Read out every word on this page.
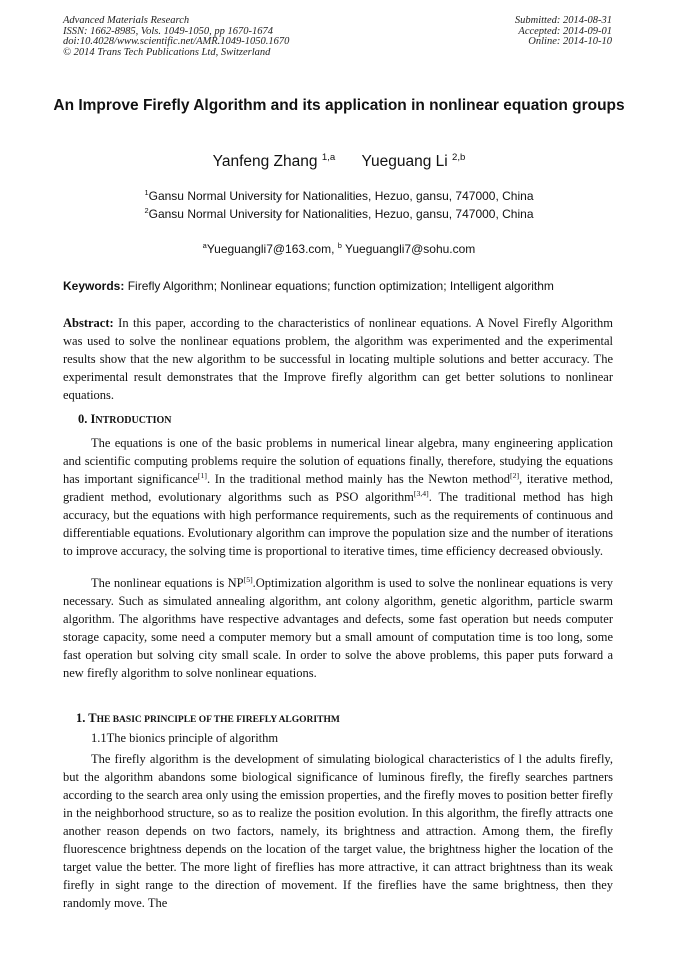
Advanced Materials Research
ISSN: 1662-8985, Vols. 1049-1050, pp 1670-1674
doi:10.4028/www.scientific.net/AMR.1049-1050.1670
© 2014 Trans Tech Publications Ltd, Switzerland
Submitted: 2014-08-31
Accepted: 2014-09-01
Online: 2014-10-10
An Improve Firefly Algorithm and its application in nonlinear equation groups
Yanfeng Zhang $^{1,a}$ Yueguang Li $^{2,b}$
$^1$Gansu Normal University for Nationalities, Hezuo, gansu, 747000, China
$^2$Gansu Normal University for Nationalities, Hezuo, gansu, 747000, China
$^a$Yueguangli7@163.com, $^b$ Yueguangli7@sohu.com
Keywords: Firefly Algorithm; Nonlinear equations; function optimization; Intelligent algorithm

Abstract: In this paper, according to the characteristics of nonlinear equations. A Novel Firefly Algorithm was used to solve the nonlinear equations problem, the algorithm was experimented and the experimental results show that the new algorithm to be successful in locating multiple solutions and better accuracy. The experimental result demonstrates that the Improve firefly algorithm can get better solutions to nonlinear equations.

0. INTRODUCTION

The equations is one of the basic problems in numerical linear algebra, many engineering application and scientific computing problems require the solution of equations finally, therefore, studying the equations has important significance[1]. In the traditional method mainly has the Newton method[2], iterative method, gradient method, evolutionary algorithms such as PSO algorithm[3,4]. The traditional method has high accuracy, but the equations with high performance requirements, such as the requirements of continuous and differentiable equations. Evolutionary algorithm can improve the population size and the number of iterations to improve accuracy, the solving time is proportional to iterative times, time efficiency decreased obviously.

The nonlinear equations is NP[5].Optimization algorithm is used to solve the nonlinear equations is very necessary. Such as simulated annealing algorithm, ant colony algorithm, genetic algorithm, particle swarm algorithm. The algorithms have respective advantages and defects, some fast operation but needs computer storage capacity, some need a computer memory but a small amount of computation time is too long, some fast operation but solving city small scale. In order to solve the above problems, this paper puts forward a new firefly algorithm to solve nonlinear equations.

1. THE BASIC PRINCIPLE OF THE FIREFLY ALGORITHM
1.1The bionics principle of algorithm

The firefly algorithm is the development of simulating biological characteristics of l the adults firefly, but the algorithm abandons some biological significance of luminous firefly, the firefly searches partners according to the search area only using the emission properties, and the firefly moves to position better firefly in the neighborhood structure, so as to realize the position evolution. In this algorithm, the firefly attracts one another reason depends on two factors, namely, its brightness and attraction. Among them, the firefly fluorescence brightness depends on the location of the target value, the brightness higher the location of the target value the better. The more light of fireflies has more attractive, it can attract brightness than its weak firefly in sight range to the direction of movement. If the fireflies have the same brightness, then they randomly move. The
